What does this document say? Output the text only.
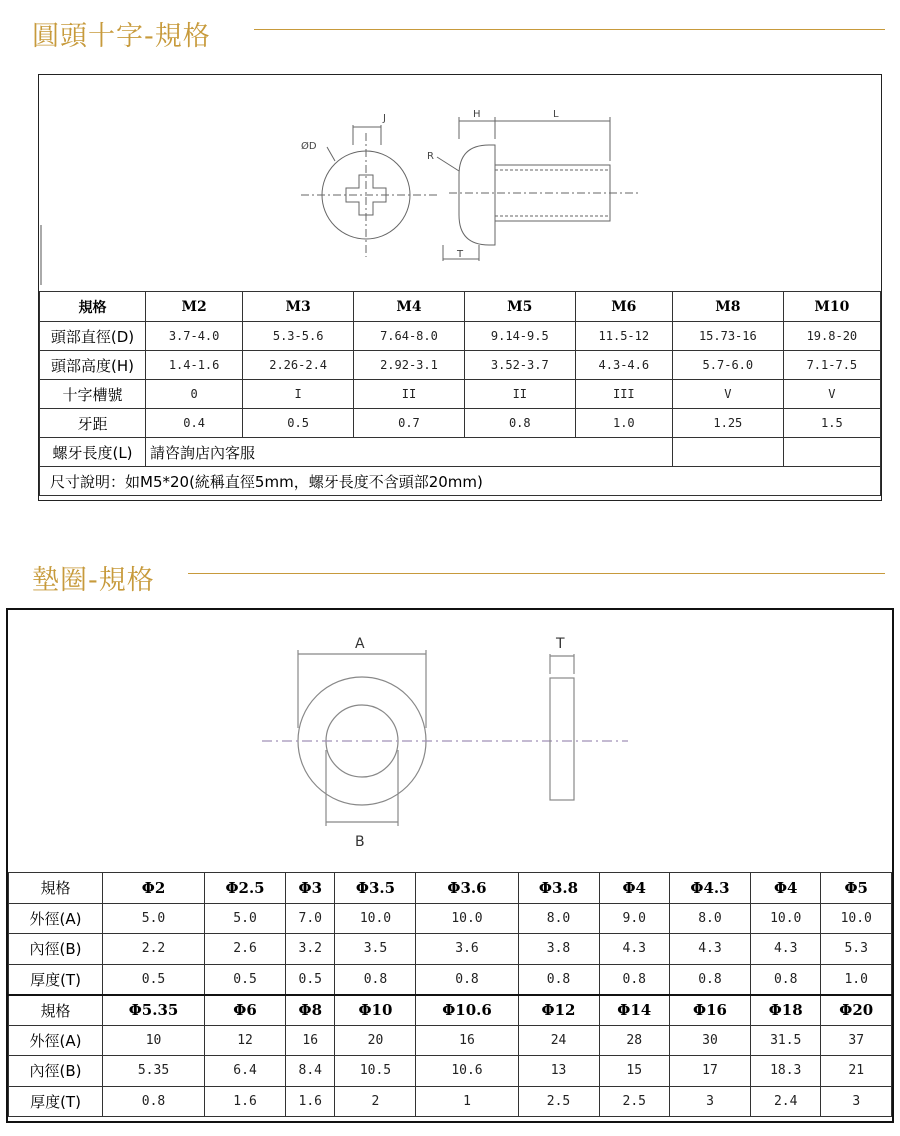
圓頭十字-規格
ØD
J	H	L
R
T
規格	M2	M3	M4	M5	M6	M8	M10
頭部直徑(D)	3.7-4.0	5.3-5.6	7.64-8.0	9.14-9.5	11.5-12	15.73-16	19.8-20
頭部高度(H)	1.4-1.6	2.26-2.4	2.92-3.1	3.52-3.7	4.3-4.6	5.7-6.0	7.1-7.5
十字槽號	0	I	II	II	III	V	V
牙距	0.4	0.5	0.7	0.8	1.0	1.25	1.5
螺牙長度(L)	請咨詢店內客服						
尺寸說明：如M5*20(統稱直徑5mm，螺牙長度不含頭部20mm)							
墊圈-規格
A
B
T
規格	Φ2	Φ2.5	Φ3	Φ3.5	Φ3.6	Φ3.8	Φ4	Φ4.3	Φ4	Φ5
外徑(A)	5.0	5.0	7.0	10.0	10.0	8.0	9.0	8.0	10.0	10.0
內徑(B)	2.2	2.6	3.2	3.5	3.6	3.8	4.3	4.3	4.3	5.3
厚度(T)	0.5	0.5	0.5	0.8	0.8	0.8	0.8	0.8	0.8	1.0
規格	Φ5.35	Φ6	Φ8	Φ10	Φ10.6	Φ12	Φ14	Φ16	Φ18	Φ20
外徑(A)	10	12	16	20	16	24	28	30	31.5	37
內徑(B)	5.35	6.4	8.4	10.5	10.6	13	15	17	18.3	21
厚度(T)	0.8	1.6	1.6	2	1	2.5	2.5	3	2.4	3
